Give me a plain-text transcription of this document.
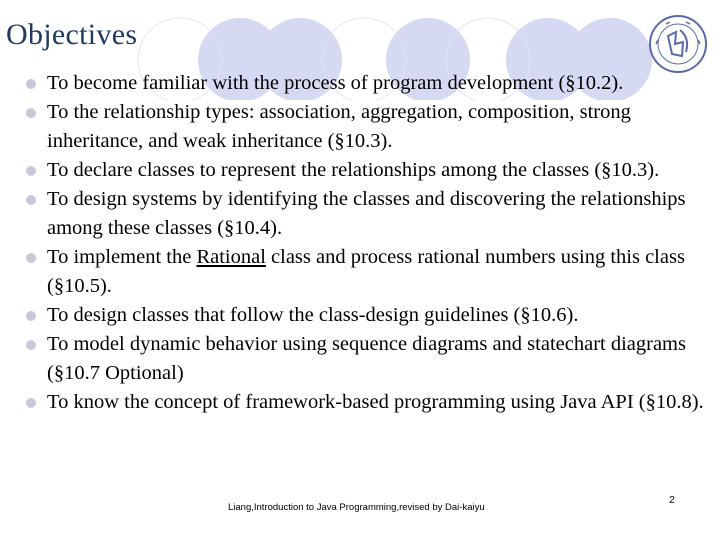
Objectives
To become familiar with the process of program development (§10.2).
To the relationship types: association, aggregation, composition, strong inheritance, and weak inheritance (§10.3).
To declare classes to represent the relationships among the classes (§10.3).
To design systems by identifying the classes and discovering the relationships among these classes (§10.4).
To implement the Rational class and process rational numbers using this class (§10.5).
To design classes that follow the class-design guidelines (§10.6).
To model dynamic behavior using sequence diagrams and statechart diagrams (§10.7 Optional)
To know the concept of framework-based programming using Java API (§10.8).
Liang,Introduction to Java Programming,revised by Dai-kaiyu
2
